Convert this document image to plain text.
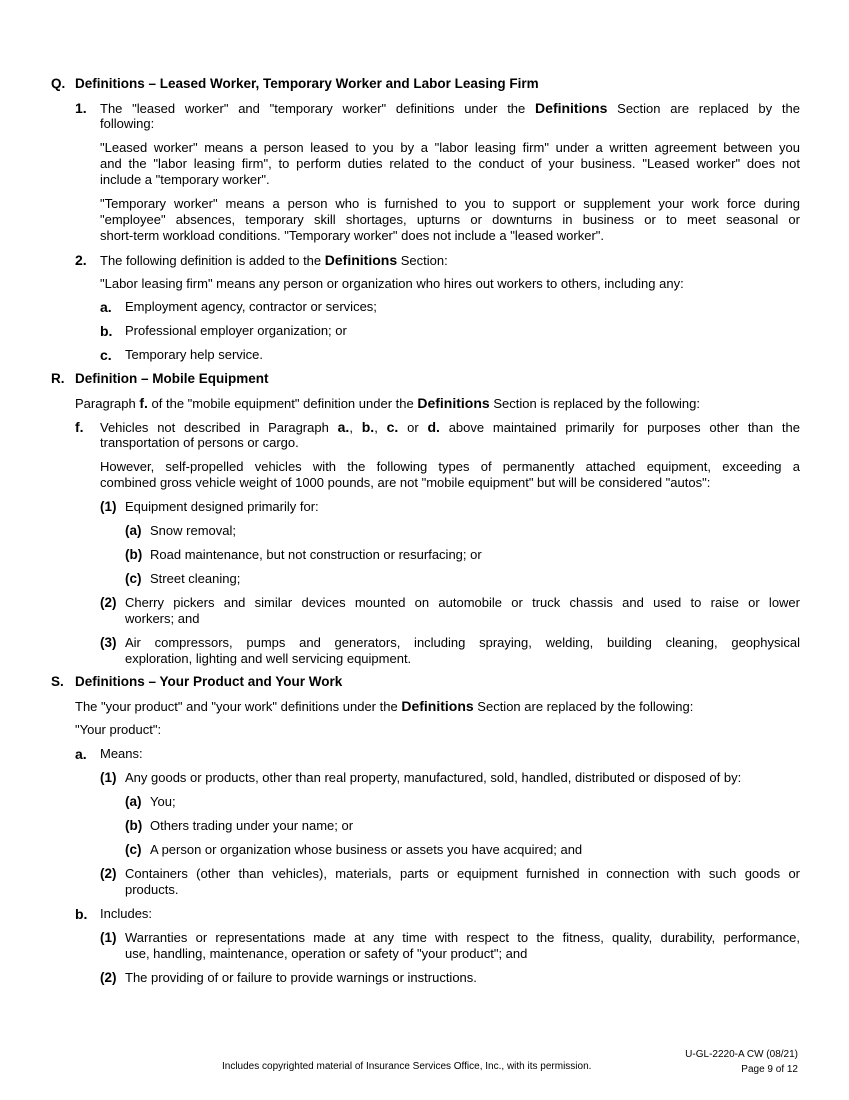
Q. Definitions – Leased Worker, Temporary Worker and Labor Leasing Firm
1. The "leased worker" and "temporary worker" definitions under the Definitions Section are replaced by the
following:
"Leased worker" means a person leased to you by a "labor leasing firm" under a written agreement between you
and the "labor leasing firm", to perform duties related to the conduct of your business. "Leased worker" does not
include a "temporary worker".
"Temporary worker" means a person who is furnished to you to support or supplement your work force during
"employee" absences, temporary skill shortages, upturns or downturns in business or to meet seasonal or
short-term workload conditions. "Temporary worker" does not include a "leased worker".
2. The following definition is added to the Definitions Section:
"Labor leasing firm" means any person or organization who hires out workers to others, including any:
a. Employment agency, contractor or services;
b. Professional employer organization; or
c. Temporary help service.
R. Definition – Mobile Equipment
Paragraph f. of the "mobile equipment" definition under the Definitions Section is replaced by the following:
f. Vehicles not described in Paragraph a., b., c. or d. above maintained primarily for purposes other than the
transportation of persons or cargo.
However, self-propelled vehicles with the following types of permanently attached equipment, exceeding a
combined gross vehicle weight of 1000 pounds, are not "mobile equipment" but will be considered "autos":
(1) Equipment designed primarily for:
(a) Snow removal;
(b) Road maintenance, but not construction or resurfacing; or
(c) Street cleaning;
(2) Cherry pickers and similar devices mounted on automobile or truck chassis and used to raise or lower
workers; and
(3) Air compressors, pumps and generators, including spraying, welding, building cleaning, geophysical
exploration, lighting and well servicing equipment.
S. Definitions – Your Product and Your Work
The "your product" and "your work" definitions under the Definitions Section are replaced by the following:
"Your product":
a. Means:
(1) Any goods or products, other than real property, manufactured, sold, handled, distributed or disposed of by:
(a) You;
(b) Others trading under your name; or
(c) A person or organization whose business or assets you have acquired; and
(2) Containers (other than vehicles), materials, parts or equipment furnished in connection with such goods or
products.
b. Includes:
(1) Warranties or representations made at any time with respect to the fitness, quality, durability, performance,
use, handling, maintenance, operation or safety of "your product"; and
(2) The providing of or failure to provide warnings or instructions.
Includes copyrighted material of Insurance Services Office, Inc., with its permission.
U-GL-2220-A CW (08/21)
Page 9 of 12
